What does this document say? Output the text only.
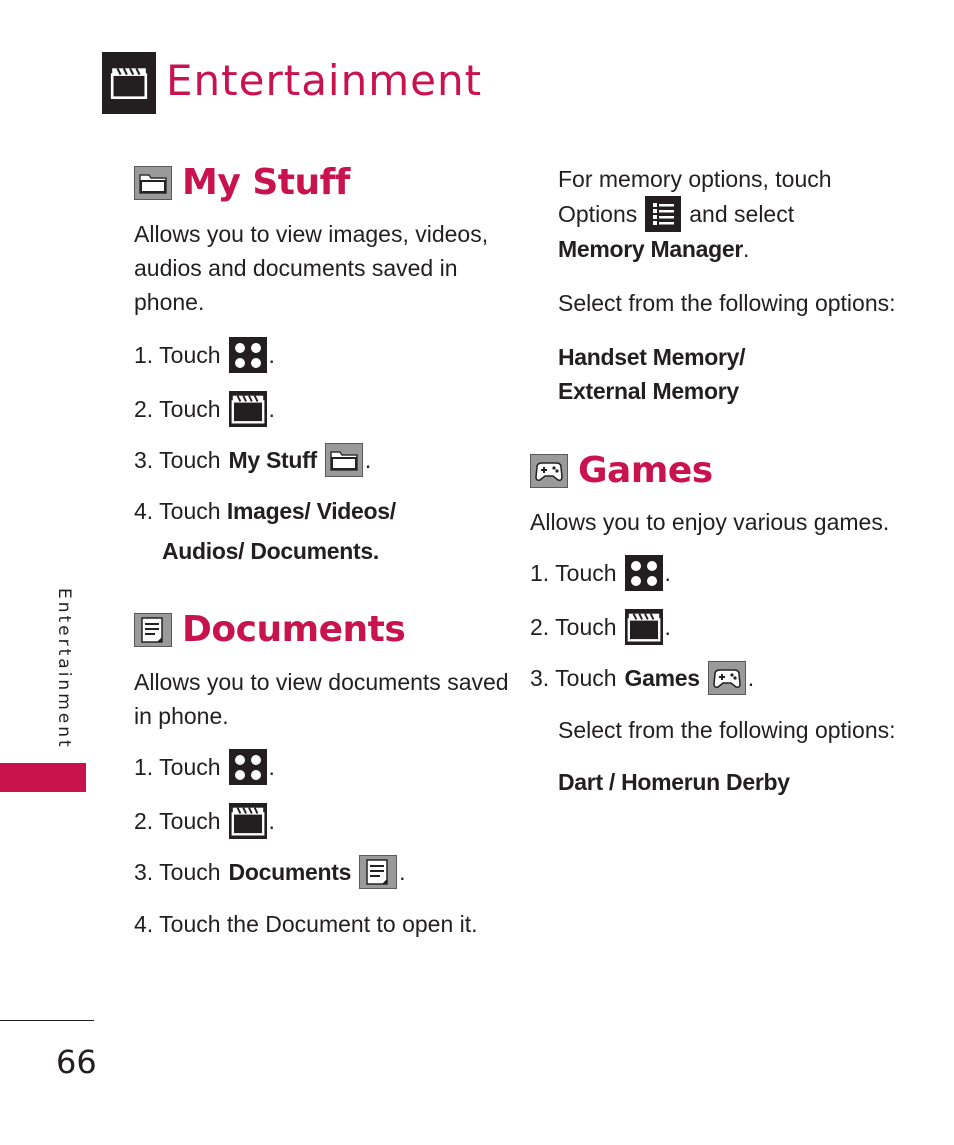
Entertainment
Entertainment
66
My Stuff

Allows you to view images, videos, audios and documents saved in phone.

1. Touch .

2. Touch .

3. Touch My Stuff .

4. Touch Images/ Videos/

Audios/ Documents.

Documents

Allows you to view documents saved in phone.

1. Touch .

2. Touch .

3. Touch Documents .

4. Touch the Document to open it.

For memory options, touch

Options and select

Memory Manager.

Select from the following options:

Handset Memory/

External Memory

Games

Allows you to enjoy various games.

1. Touch .

2. Touch .

3. Touch Games .

Select from the following options:

Dart / Homerun Derby
